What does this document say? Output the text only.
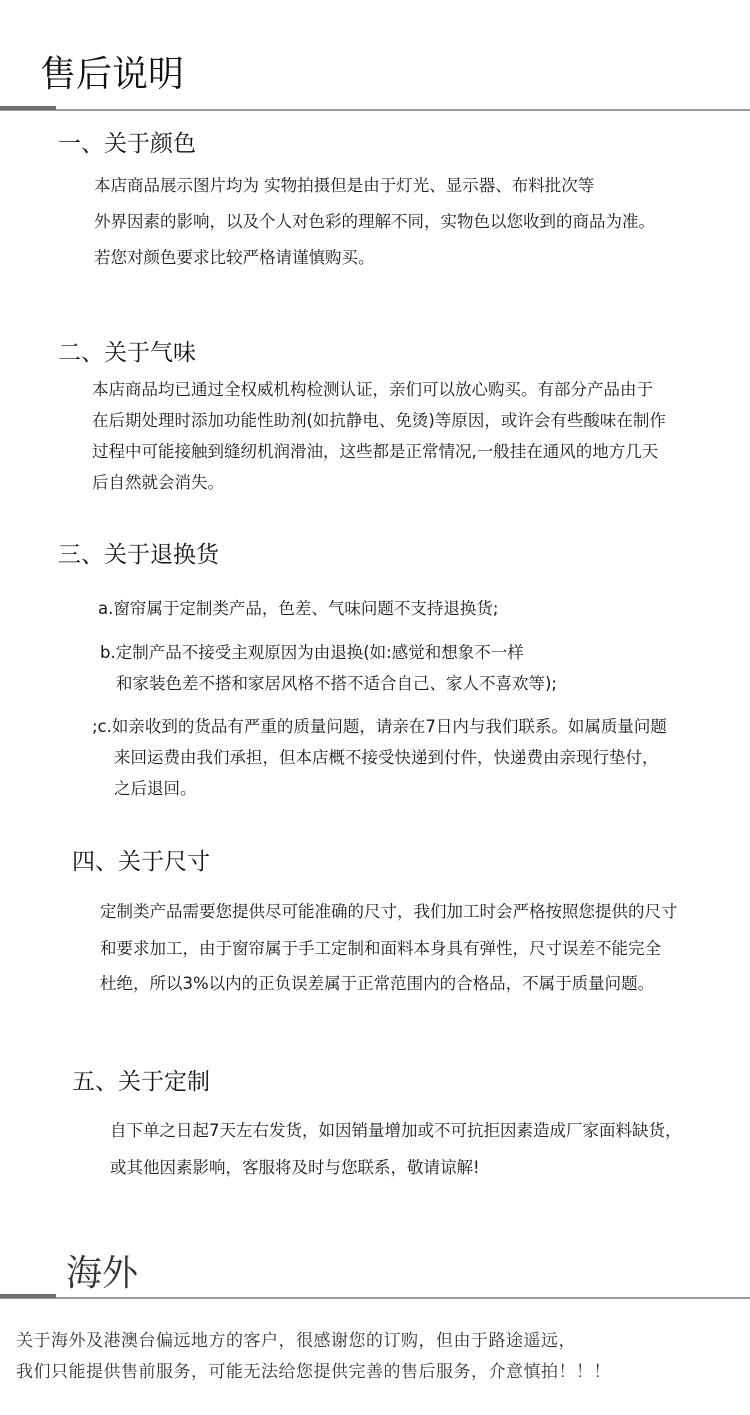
售后说明
一、关于颜色
本店商品展示图片均为 实物拍摄但是由于灯光、显示器、布料批次等
外界因素的影响，以及个人对色彩的理解不同，实物色以您收到的商品为准。
若您对颜色要求比较严格请谨慎购买。
二、关于气味
本店商品均已通过全权威机构检测认证，亲们可以放心购买。有部分产品由于
在后期处理时添加功能性助剂(如抗静电、免烫)等原因，或许会有些酸味在制作
过程中可能接触到缝纫机润滑油，这些都是正常情况,一般挂在通风的地方几天
后自然就会消失。
三、关于退换货
a.窗帘属于定制类产品，色差、气味问题不支持退换货;
b.定制产品不接受主观原因为由退换(如:感觉和想象不一样
和家装色差不搭和家居风格不搭不适合自己、家人不喜欢等);
;c.如亲收到的货品有严重的质量问题，请亲在7日内与我们联系。如属质量问题
来回运费由我们承担，但本店概不接受快递到付件，快递费由亲现行垫付，
之后退回。
四、关于尺寸
定制类产品需要您提供尽可能准确的尺寸，我们加工时会严格按照您提供的尺寸
和要求加工，由于窗帘属于手工定制和面料本身具有弹性，尺寸误差不能完全
杜绝，所以3%以内的正负误差属于正常范围内的合格品，不属于质量问题。
五、关于定制
自下单之日起7天左右发货，如因销量增加或不可抗拒因素造成厂家面料缺货，
或其他因素影响，客服将及时与您联系，敬请谅解!
海外
关于海外及港澳台偏远地方的客户，很感谢您的订购，但由于路途遥远，
我们只能提供售前服务，可能无法给您提供完善的售后服务，介意慎拍！！！
